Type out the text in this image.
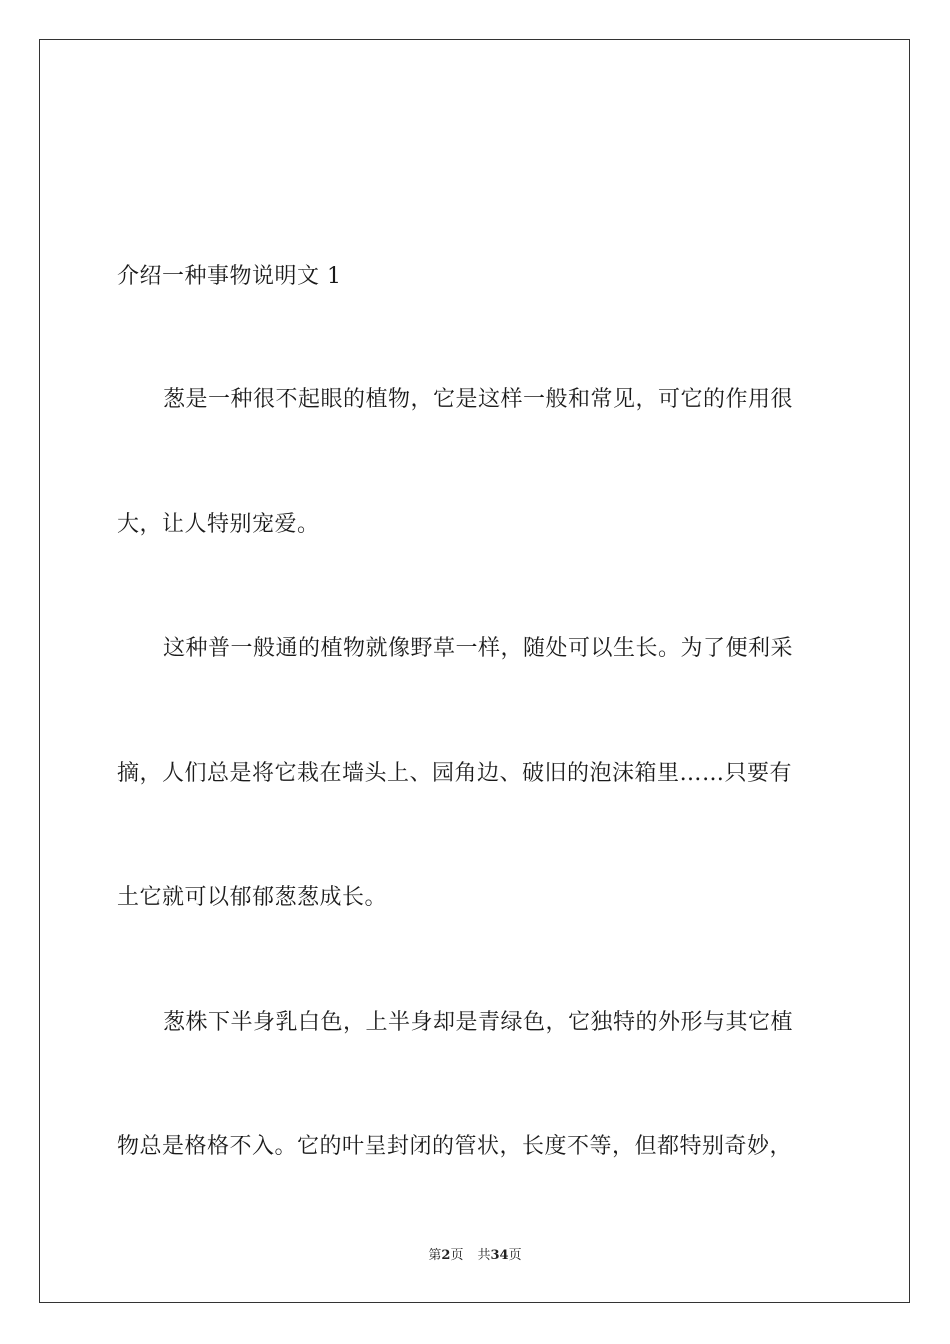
介绍一种事物说明文 1
葱是一种很不起眼的植物，它是这样一般和常见，可它的作用很
大，让人特别宠爱。
这种普一般通的植物就像野草一样，随处可以生长。为了便利采
摘，人们总是将它栽在墙头上、园角边、破旧的泡沫箱里……只要有
土它就可以郁郁葱葱成长。
葱株下半身乳白色，上半身却是青绿色，它独特的外形与其它植
物总是格格不入。它的叶呈封闭的管状，长度不等，但都特别奇妙，
第2页 共34页
